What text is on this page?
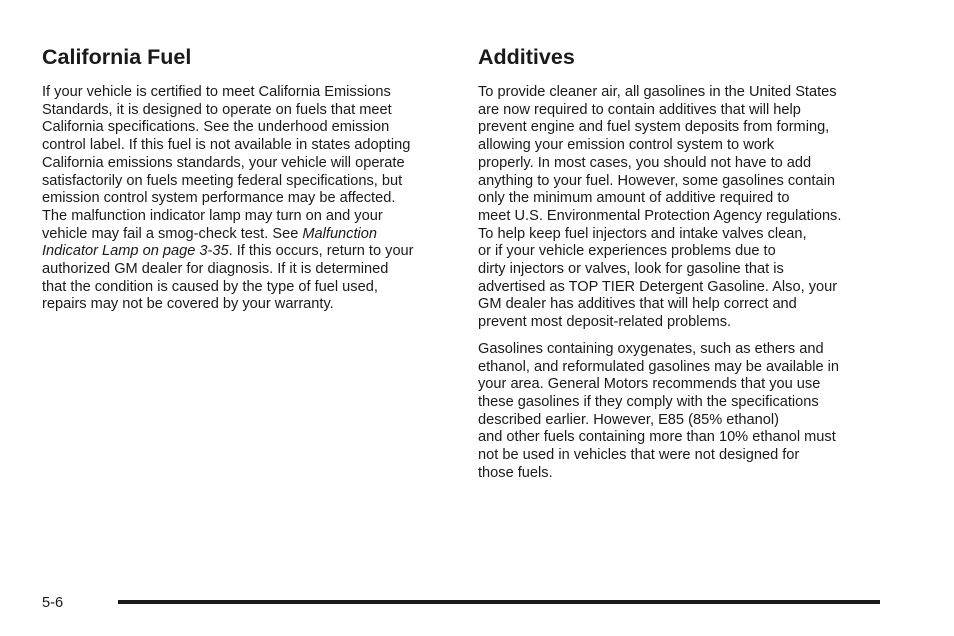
California Fuel

If your vehicle is certified to meet California Emissions
Standards, it is designed to operate on fuels that meet
California specifications. See the underhood emission
control label. If this fuel is not available in states adopting
California emissions standards, your vehicle will operate
satisfactorily on fuels meeting federal specifications, but
emission control system performance may be affected.
The malfunction indicator lamp may turn on and your
vehicle may fail a smog-check test. See Malfunction
Indicator Lamp on page 3-35. If this occurs, return to your
authorized GM dealer for diagnosis. If it is determined
that the condition is caused by the type of fuel used,
repairs may not be covered by your warranty.

Additives

To provide cleaner air, all gasolines in the United States
are now required to contain additives that will help
prevent engine and fuel system deposits from forming,
allowing your emission control system to work
properly. In most cases, you should not have to add
anything to your fuel. However, some gasolines contain
only the minimum amount of additive required to
meet U.S. Environmental Protection Agency regulations.
To help keep fuel injectors and intake valves clean,
or if your vehicle experiences problems due to
dirty injectors or valves, look for gasoline that is
advertised as TOP TIER Detergent Gasoline. Also, your
GM dealer has additives that will help correct and
prevent most deposit-related problems.

Gasolines containing oxygenates, such as ethers and
ethanol, and reformulated gasolines may be available in
your area. General Motors recommends that you use
these gasolines if they comply with the specifications
described earlier. However, E85 (85% ethanol)
and other fuels containing more than 10% ethanol must
not be used in vehicles that were not designed for
those fuels.

5-6
